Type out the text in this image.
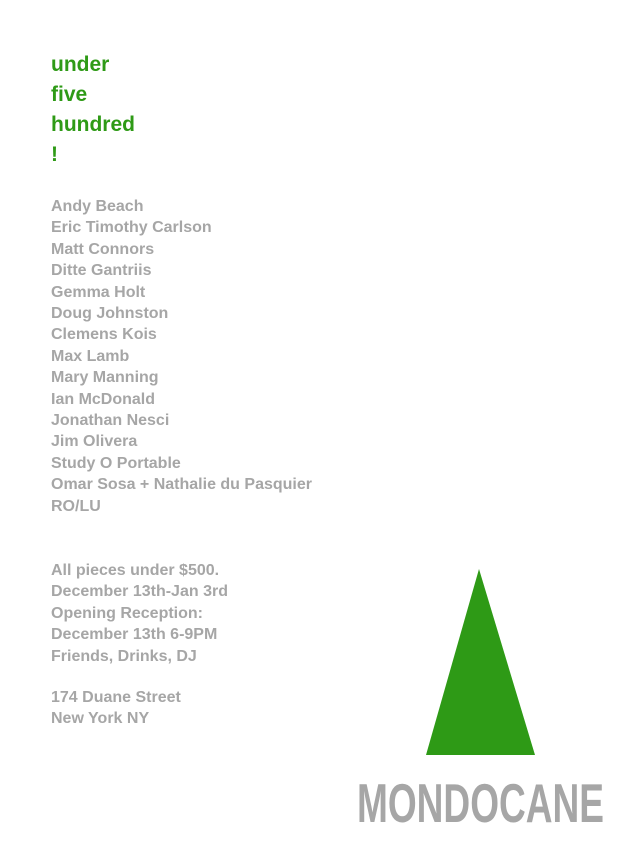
under
five
hundred
!
Andy Beach
Eric Timothy Carlson
Matt Connors
Ditte Gantriis
Gemma Holt
Doug Johnston
Clemens Kois
Max Lamb
Mary Manning
Ian McDonald
Jonathan Nesci
Jim Olivera
Study O Portable
Omar Sosa + Nathalie du Pasquier
RO/LU
All pieces under $500.
December 13th-Jan 3rd
Opening Reception:
December 13th 6-9PM
Friends, Drinks, DJ
174 Duane Street
New York NY
MONDOCANE
